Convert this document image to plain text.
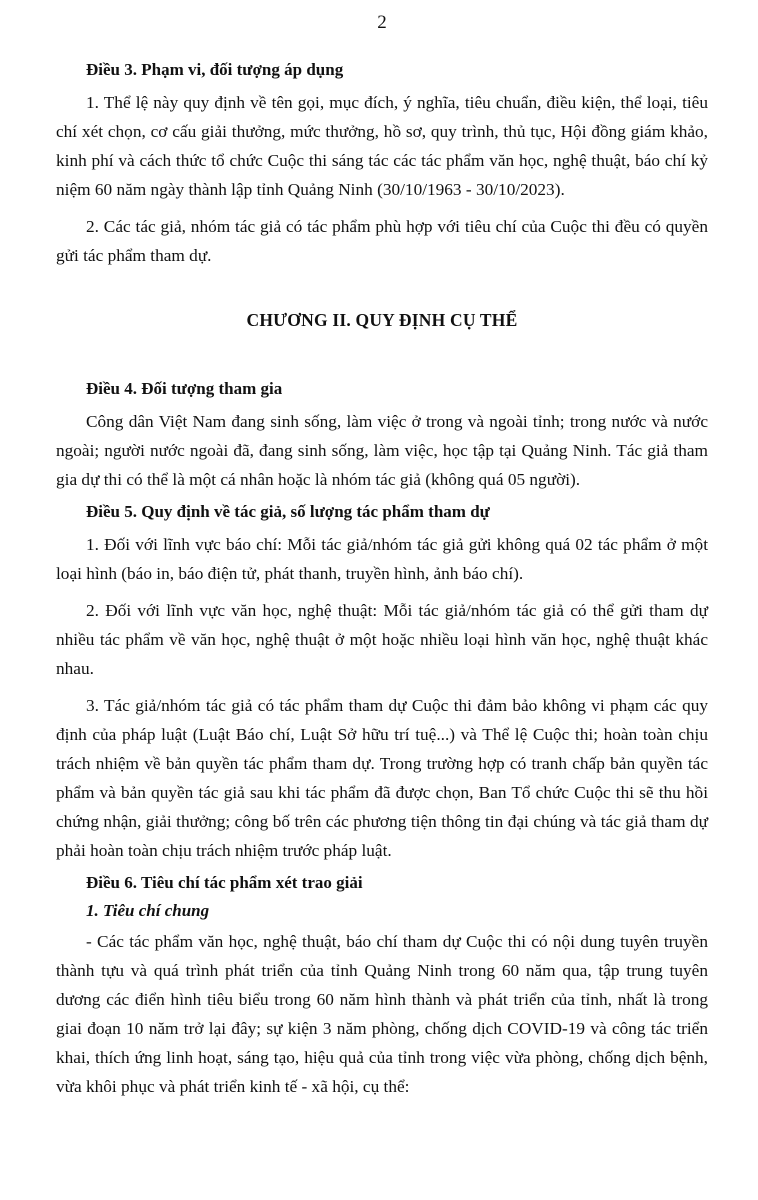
2
Điều 3. Phạm vi, đối tượng áp dụng

1. Thể lệ này quy định về tên gọi, mục đích, ý nghĩa, tiêu chuẩn, điều kiện, thể loại, tiêu chí xét chọn, cơ cấu giải thưởng, mức thưởng, hồ sơ, quy trình, thủ tục, Hội đồng giám khảo, kinh phí và cách thức tổ chức Cuộc thi sáng tác các tác phẩm văn học, nghệ thuật, báo chí kỷ niệm 60 năm ngày thành lập tỉnh Quảng Ninh (30/10/1963 - 30/10/2023).

2. Các tác giả, nhóm tác giả có tác phẩm phù hợp với tiêu chí của Cuộc thi đều có quyền gửi tác phẩm tham dự.

CHƯƠNG II. QUY ĐỊNH CỤ THỂ
Điều 4. Đối tượng tham gia

Công dân Việt Nam đang sinh sống, làm việc ở trong và ngoài tỉnh; trong nước và nước ngoài; người nước ngoài đã, đang sinh sống, làm việc, học tập tại Quảng Ninh. Tác giả tham gia dự thi có thể là một cá nhân hoặc là nhóm tác giả (không quá 05 người).

Điều 5. Quy định về tác giả, số lượng tác phẩm tham dự

1. Đối với lĩnh vực báo chí: Mỗi tác giả/nhóm tác giả gửi không quá 02 tác phẩm ở một loại hình (báo in, báo điện tử, phát thanh, truyền hình, ảnh báo chí).

2. Đối với lĩnh vực văn học, nghệ thuật: Mỗi tác giả/nhóm tác giả có thể gửi tham dự nhiều tác phẩm về văn học, nghệ thuật ở một hoặc nhiều loại hình văn học, nghệ thuật khác nhau.

3. Tác giả/nhóm tác giả có tác phẩm tham dự Cuộc thi đảm bảo không vi phạm các quy định của pháp luật (Luật Báo chí, Luật Sở hữu trí tuệ...) và Thể lệ Cuộc thi; hoàn toàn chịu trách nhiệm về bản quyền tác phẩm tham dự. Trong trường hợp có tranh chấp bản quyền tác phẩm và bản quyền tác giả sau khi tác phẩm đã được chọn, Ban Tổ chức Cuộc thi sẽ thu hồi chứng nhận, giải thưởng; công bố trên các phương tiện thông tin đại chúng và tác giả tham dự phải hoàn toàn chịu trách nhiệm trước pháp luật.

Điều 6. Tiêu chí tác phẩm xét trao giải
1. Tiêu chí chung

- Các tác phẩm văn học, nghệ thuật, báo chí tham dự Cuộc thi có nội dung tuyên truyền thành tựu và quá trình phát triển của tỉnh Quảng Ninh trong 60 năm qua, tập trung tuyên dương các điển hình tiêu biểu trong 60 năm hình thành và phát triển của tỉnh, nhất là trong giai đoạn 10 năm trở lại đây; sự kiện 3 năm phòng, chống dịch COVID-19 và công tác triển khai, thích ứng linh hoạt, sáng tạo, hiệu quả của tỉnh trong việc vừa phòng, chống dịch bệnh, vừa khôi phục và phát triển kinh tế - xã hội, cụ thể:
